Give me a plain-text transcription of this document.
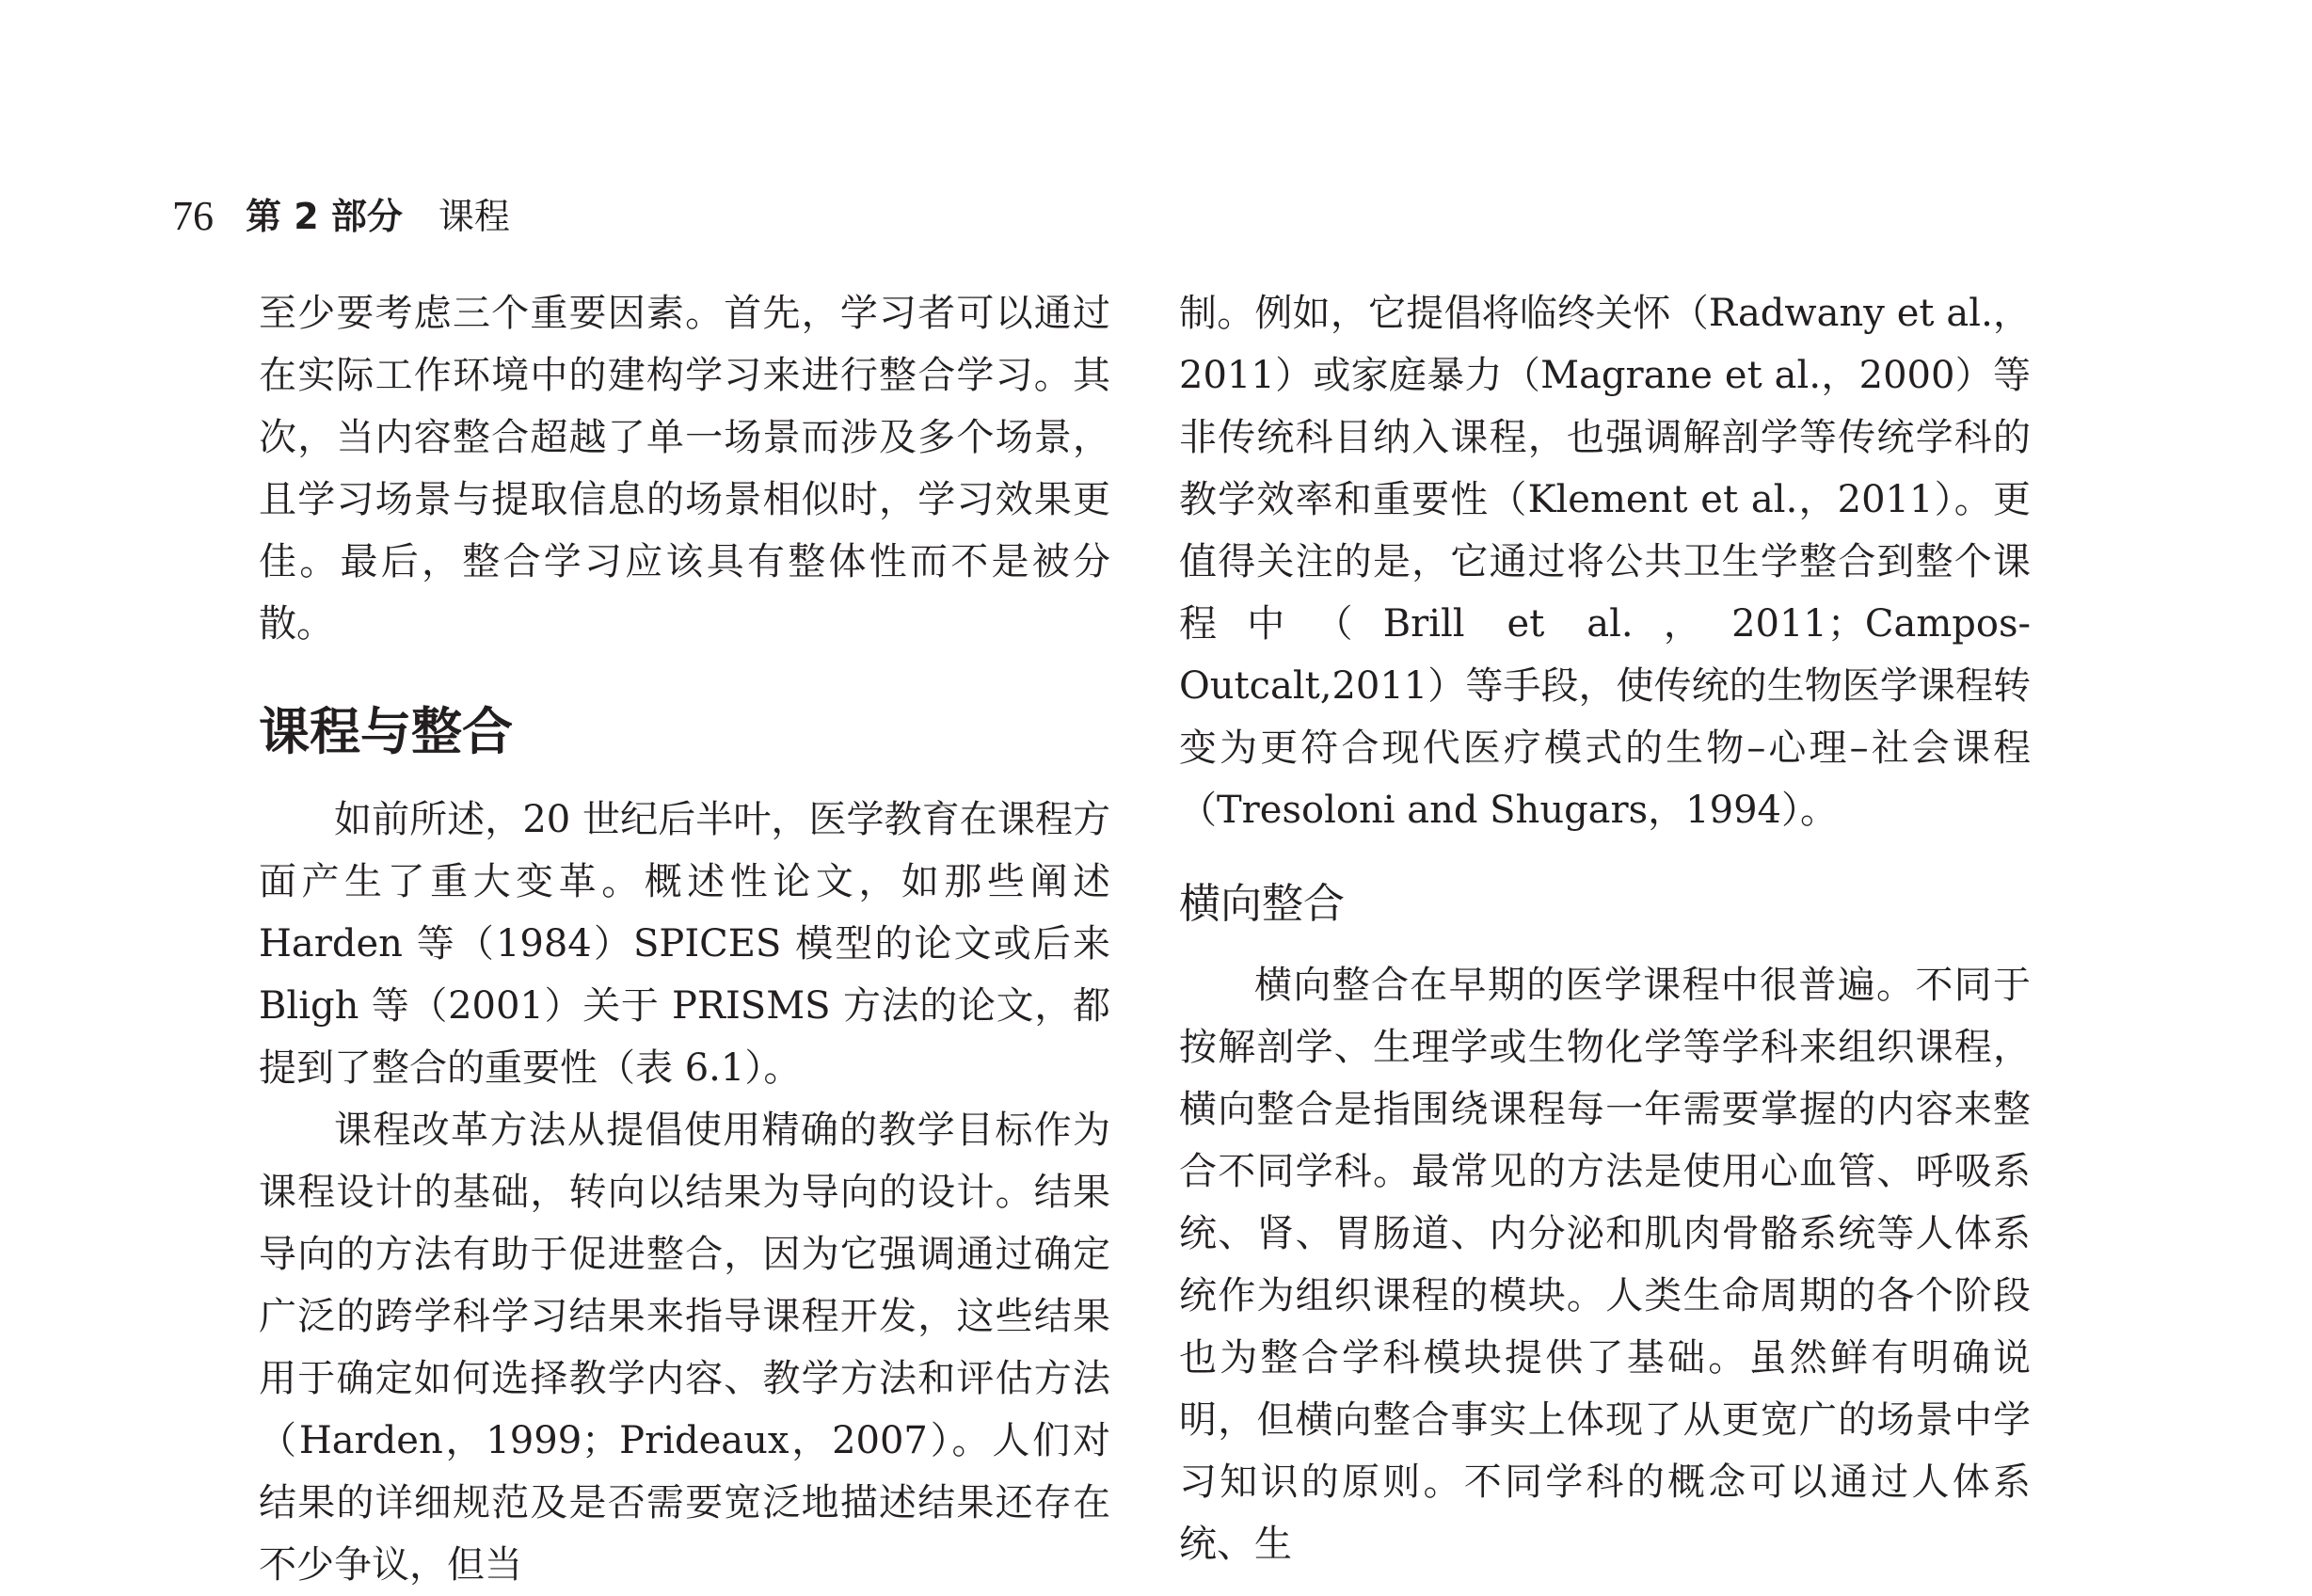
76 第 2 部分 课程

至少要考虑三个重要因素。首先，学习者可以通过在实际工作环境中的建构学习来进行整合学习。其次，当内容整合超越了单一场景而涉及多个场景，且学习场景与提取信息的场景相似时，学习效果更佳。最后，整合学习应该具有整体性而不是被分散。

课程与整合

如前所述，20 世纪后半叶，医学教育在课程方面产生了重大变革。概述性论文，如那些阐述 Harden 等（1984）SPICES 模型的论文或后来 Bligh 等（2001）关于 PRISMS 方法的论文，都提到了整合的重要性（表 6.1）。

课程改革方法从提倡使用精确的教学目标作为课程设计的基础，转向以结果为导向的设计。结果导向的方法有助于促进整合，因为它强调通过确定广泛的跨学科学习结果来指导课程开发，这些结果用于确定如何选择教学内容、教学方法和评估方法（Harden，1999；Prideaux，2007）。人们对结果的详细规范及是否需要宽泛地描述结果还存在不少争议，但当

制。例如，它提倡将临终关怀（Radwany et al.，2011）或家庭暴力（Magrane et al.，2000）等非传统科目纳入课程，也强调解剖学等传统学科的教学效率和重要性（Klement et al.，2011）。更值得关注的是，它通过将公共卫生学整合到整个课程中（Brill et al.，2011；Campos-Outcalt,2011）等手段，使传统的生物医学课程转变为更符合现代医疗模式的生物–心理–社会课程（Tresoloni and Shugars，1994）。

横向整合

横向整合在早期的医学课程中很普遍。不同于按解剖学、生理学或生物化学等学科来组织课程，横向整合是指围绕课程每一年需要掌握的内容来整合不同学科。最常见的方法是使用心血管、呼吸系统、肾、胃肠道、内分泌和肌肉骨骼系统等人体系统作为组织课程的模块。人类生命周期的各个阶段也为整合学科模块提供了基础。虽然鲜有明确说明，但横向整合事实上体现了从更宽广的场景中学习知识的原则。不同学科的概念可以通过人体系统、生
